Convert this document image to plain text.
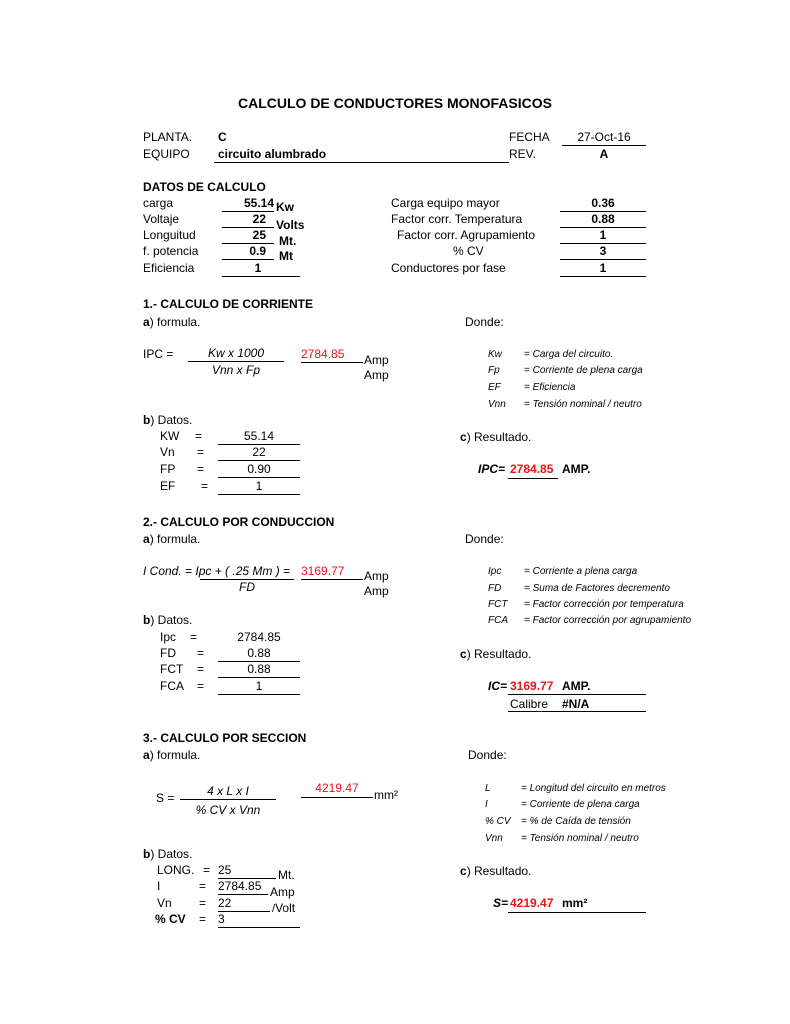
CALCULO DE CONDUCTORES MONOFASICOS
PLANTA. C
EQUIPO circuito alumbrado
FECHA	27-Oct-16
REV.	A
DATOS DE CALCULO
carga	55.14 Kw
Voltaje	22 Volts
Longuitud	25 Mt.
f. potencia	0.9 Mt
Eficiencia	1
Carga equipo mayor	0.36
Factor corr. Temperatura	0.88
Factor corr. Agrupamiento	1
% CV	3
Conductores por fase	1
1.- CALCULO DE CORRIENTE
a) formula.	Donde:
IPC =	Kw x 1000
Vnn x Fp
2784.85 Amp
Amp
Kw = Carga del circuito.
Fp = Corriente de plena carga
EF = Eficiencia
Vnn = Tensión nominal / neutro
b) Datos.
KW =	55.14
Vn =	22
FP =	0.90
EF =	1
c) Resultado.
IPC= 2784.85 AMP.
2.- CALCULO POR CONDUCCION
a) formula.	Donde:
I Cond. = Ipc + ( .25 Mm ) =
FD
3169.77 Amp
Amp
Ipc = Corriente a plena carga
FD = Suma de Factores decremento
FCT = Factor corrección por temperatura
FCA = Factor corrección por agrupamiento
b) Datos.
Ipc =	2784.85
FD =	0.88
FCT =	0.88
FCA =	1
c) Resultado.
IC= 3169.77 AMP.
Calibre #N/A
3.- CALCULO POR SECCION
a) formula.	Donde:
S =	4 x L x I
% CV x Vnn
4219.47	mm²	L	= Longitud del circuito en metros
I	= Corriente de plena carga
% CV = % de Caída de tensión
Vnn = Tensión nominal / neutro
b) Datos.
LONG. = 25	Mt.
I	= 2784.85 Amp
Vn = 22	/Volt
% CV = 3
c) Resultado.
S= 4219.47 mm²
